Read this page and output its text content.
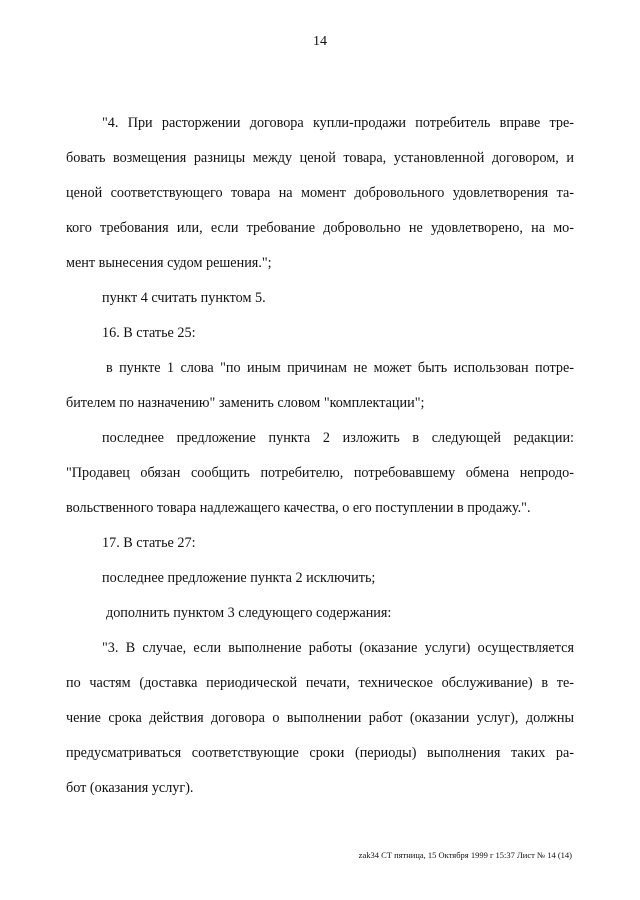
14

"4. При расторжении договора купли-продажи потребитель вправе тре-

бовать возмещения разницы между ценой товара, установленной договором, и

ценой соответствующего товара на момент добровольного удовлетворения та-

кого требования или, если требование добровольно не удовлетворено, на мо-

мент вынесения судом решения.";

пункт 4 считать пунктом 5.

16. В статье 25:

в пункте 1 слова "по иным причинам не может быть использован потре-

бителем по назначению" заменить словом "комплектации";

последнее предложение пункта 2 изложить в следующей редакции:

"Продавец обязан сообщить потребителю, потребовавшему обмена непродо-

вольственного товара надлежащего качества, о его поступлении в продажу.".

17. В статье 27:

последнее предложение пункта 2 исключить;

дополнить пунктом 3 следующего содержания:

"3. В случае, если выполнение работы (оказание услуги) осуществляется

по частям (доставка периодической печати, техническое обслуживание) в те-

чение срока действия договора о выполнении работ (оказании услуг), должны

предусматриваться соответствующие сроки (периоды) выполнения таких ра-

бот (оказания услуг).

zak34 СТ пятница, 15 Октября 1999 г 15:37 Лист № 14 (14)
